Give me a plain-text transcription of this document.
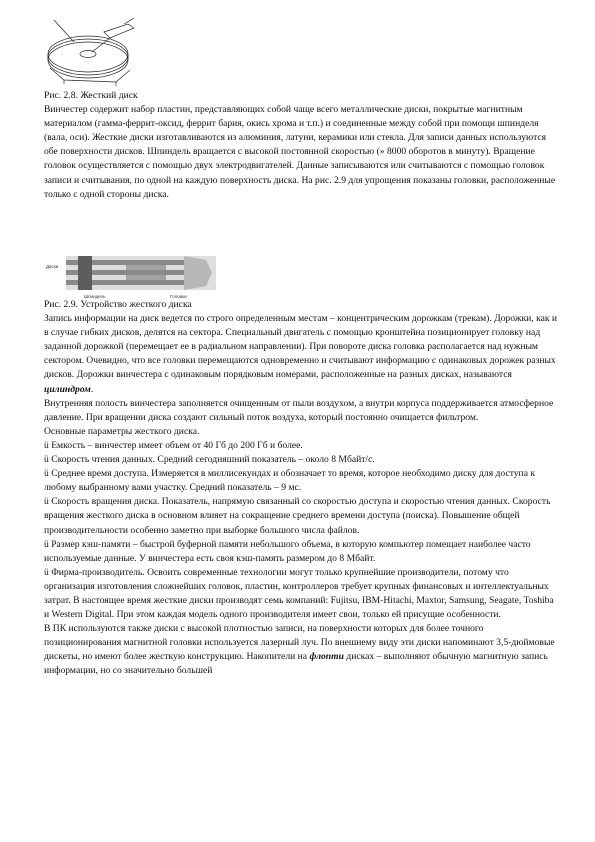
Рис. 2.8. Жесткий диск

Винчестер содержит набор пластин, представляющих собой чаще всего металлические диски, покрытые магнитным материалом (гамма-феррит-оксид, феррит бария, окись хрома и т.п.) и соединенные между собой при помощи шпинделя (вала, оси). Жесткие диски изготавливаются из алюминия, латуни, керамики или стекла. Для записи данных используются обе поверхности дисков. Шпиндель вращается с высокой постоянной скоростью (» 8000 оборотов в минуту). Вращение головок осуществляется с помощью двух электродвигателей. Данные записываются или считываются с помощью головок записи и считывания, по одной на каждую поверхность диска. На рис. 2.9 для упрощения показаны головки, расположенные только с одной стороны диска.

Диски
Шпиндель	Головки

Рис. 2.9. Устройство жесткого диска

Запись информации на диск ведется по строго определенным местам – концентрическим дорожкам (трекам). Дорожки, как и в случае гибких дисков, делятся на сектора. Специальный двигатель с помощью кронштейна позиционирует головку над заданной дорожкой (перемещает ее в радиальном направлении). При повороте диска головка располагается над нужным сектором. Очевидно, что все головки перемещаются одновременно и считывают информацию с одинаковых дорожек разных дисков. Дорожки винчестера с одинаковым порядковым номерами, расположенные на разных дисках, называются цилиндром.

Внутренняя полость винчестера заполняется очищенным от пыли воздухом, а внутри корпуса поддерживается атмосферное давление. При вращении диска создают сильный поток воздуха, который постоянно очищается фильтром.

Основные параметры жесткого диска.

ü Емкость – винчестер имеет объем от 40 Гб до 200 Гб и более.

ü Скорость чтения данных. Средний сегодняшний показатель – около 8 Мбайт/с.

ü Среднее время доступа. Измеряется в миллисекундах и обозначает то время, которое необходимо диску для доступа к любому выбранному вами участку. Средний показатель – 9 мс.

ü Скорость вращения диска. Показатель, напрямую связанный со скоростью доступа и скоростью чтения данных. Скорость вращения жесткого диска в основном влияет на сокращение среднего времени доступа (поиска). Повышение общей производительности особенно заметно при выборке большого числа файлов.

ü Размер кэш-памяти – быстрой буферной памяти небольшого объема, в которую компьютер помещает наиболее часто используемые данные. У винчестера есть своя кэш-память размером до 8 Мбайт.

ü Фирма-производитель. Освоить современные технологии могут только крупнейшие производители, потому что организация изготовления сложнейших головок, пластин, контроллеров требует крупных финансовых и интеллектуальных затрат. В настоящее время жесткие диски производят семь компаний: Fujitsu, IBM-Hitachi, Maxtor, Samsung, Seagate, Toshiba и Western Digital. При этом каждая модель одного производителя имеет свои, только ей присущие особенности.

В ПК используются также диски с высокой плотностью записи, на поверхности которых для более точного позиционирования магнитной головки используется лазерный луч. По внешнему виду эти диски напоминают 3,5-дюймовые дискеты, но имеют более жесткую конструкцию. Накопители на флопти дисках – выполняют обычную магнитную запись информации, но со значительно большей
